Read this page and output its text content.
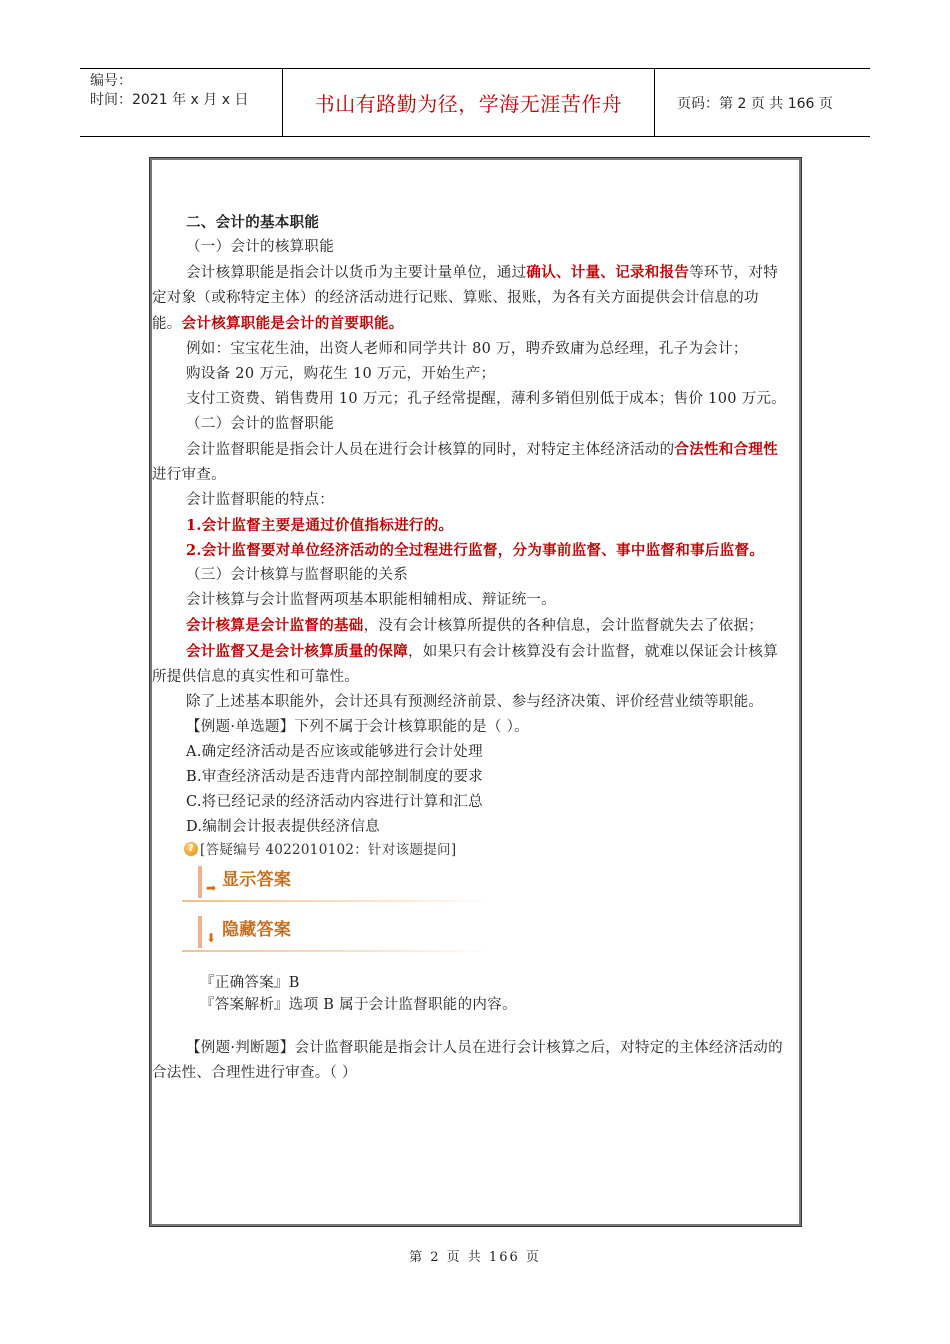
编号：
时间：2021 年 x 月 x 日	书山有路勤为径，学海无涯苦作舟	页码：第 2 页 共 166 页

二、会计的基本职能

（一）会计的核算职能

会计核算职能是指会计以货币为主要计量单位，通过确认、计量、记录和报告等环节，对特定对象（或称特定主体）的经济活动进行记账、算账、报账，为各有关方面提供会计信息的功能。会计核算职能是会计的首要职能。

例如：宝宝花生油，出资人老师和同学共计 80 万，聘乔致庸为总经理，孔子为会计；

购设备 20 万元，购花生 10 万元，开始生产；

支付工资费、销售费用 10 万元；孔子经常提醒，薄利多销但别低于成本；售价 100 万元。

（二）会计的监督职能

会计监督职能是指会计人员在进行会计核算的同时，对特定主体经济活动的合法性和合理性进行审查。

会计监督职能的特点：

1.会计监督主要是通过价值指标进行的。

2.会计监督要对单位经济活动的全过程进行监督，分为事前监督、事中监督和事后监督。

（三）会计核算与监督职能的关系

会计核算与会计监督两项基本职能相辅相成、辩证统一。

会计核算是会计监督的基础，没有会计核算所提供的各种信息，会计监督就失去了依据；

会计监督又是会计核算质量的保障，如果只有会计核算没有会计监督，就难以保证会计核算所提供信息的真实性和可靠性。

除了上述基本职能外，会计还具有预测经济前景、参与经济决策、评价经营业绩等职能。

【例题·单选题】下列不属于会计核算职能的是（ ）。

A.确定经济活动是否应该或能够进行会计处理

B.审查经济活动是否违背内部控制制度的要求

C.将已经记录的经济活动内容进行计算和汇总

D.编制会计报表提供经济信息

? [答疑编号 4022010102：针对该题提问]
➡ 显示答案
⬇ 隐藏答案

『正确答案』B

『答案解析』选项 B 属于会计监督职能的内容。

【例题·判断题】会计监督职能是指会计人员在进行会计核算之后，对特定的主体经济活动的合法性、合理性进行审查。（ ）

第 2 页 共 166 页
